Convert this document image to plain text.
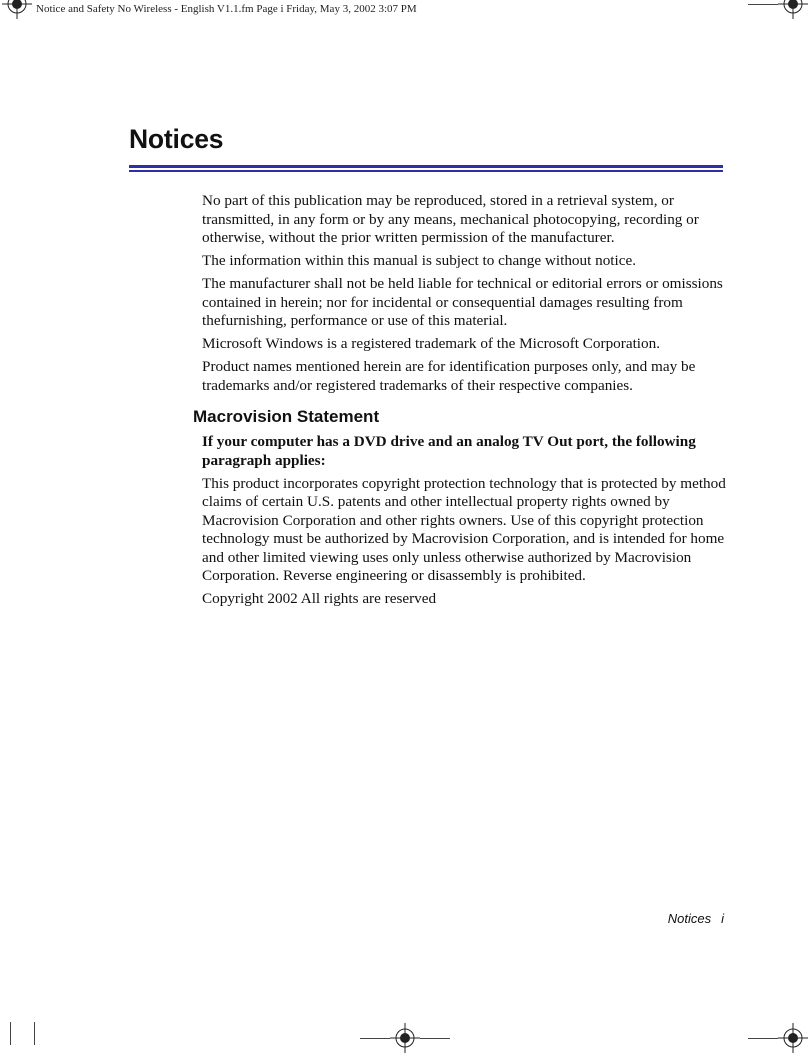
Notice and Safety No Wireless - English V1.1.fm Page i Friday, May 3, 2002 3:07 PM
Notices

No part of this publication may be reproduced, stored in a retrieval system, or transmitted, in any form or by any means, mechanical photocopying, recording or otherwise, without the prior written permission of the manufacturer.

The information within this manual is subject to change without notice.

The manufacturer shall not be held liable for technical or editorial errors or omissions contained in herein; nor for incidental or consequential damages resulting from thefurnishing, performance or use of this material.

Microsoft Windows is a registered trademark of the Microsoft Corporation.

Product names mentioned herein are for identification purposes only, and may be trademarks and/or registered trademarks of their respective companies.

Macrovision Statement

If your computer has a DVD drive and an analog TV Out port, the following paragraph applies:

This product incorporates copyright protection technology that is protected by method claims of certain U.S. patents and other intellectual property rights owned by Macrovision Corporation and other rights owners. Use of this copyright protection technology must be authorized by Macrovision Corporation, and is intended for home and other limited viewing uses only unless otherwise authorized by Macrovision Corporation. Reverse engineering or disassembly is prohibited.

Copyright 2002 All rights are reserved

Notices i
